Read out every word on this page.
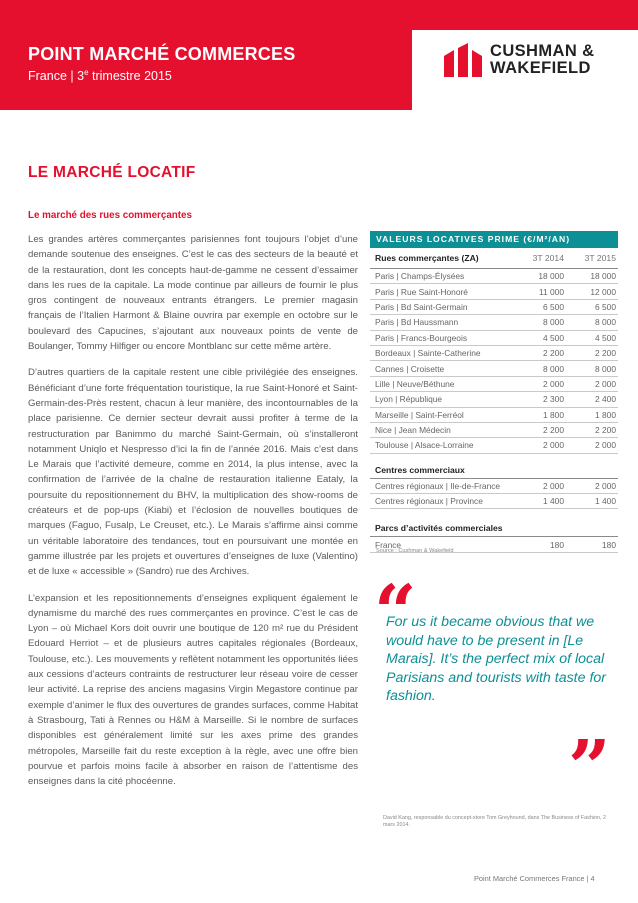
POINT MARCHÉ COMMERCES
France | 3e trimestre 2015
CUSHMAN &
WAKEFIELD
LE MARCHÉ LOCATIF
Le marché des rues commerçantes

Les grandes artères commerçantes parisiennes font toujours l’objet d’une demande soutenue des enseignes. C’est le cas des secteurs de la beauté et de la restauration, dont les concepts haut-de-gamme ne cessent d’essaimer dans les rues de la capitale. La mode continue par ailleurs de fournir le plus gros contingent de nouveaux entrants étrangers. Le premier magasin français de l’Italien Harmont & Blaine ouvrira par exemple en octobre sur le boulevard des Capucines, s’ajoutant aux nouveaux points de vente de Boulanger, Tommy Hilfiger ou encore Montblanc sur cette même artère.

D’autres quartiers de la capitale restent une cible privilégiée des enseignes. Bénéficiant d’une forte fréquentation touristique, la rue Saint-Honoré et Saint-Germain-des-Près restent, chacun à leur manière, des incontournables de la place parisienne. Ce dernier secteur devrait aussi profiter à terme de la restructuration par Banimmo du marché Saint-Germain, où s’installeront notamment Uniqlo et Nespresso d’ici la fin de l’année 2016. Mais c’est dans Le Marais que l’activité demeure, comme en 2014, la plus intense, avec la confirmation de l’arrivée de la chaîne de restauration italienne Eataly, la poursuite du repositionnement du BHV, la multiplication des show-rooms de créateurs et de pop-ups (Kiabi) et l’éclosion de nouvelles boutiques de marques (Faguo, Fusalp, Le Creuset, etc.). Le Marais s’affirme ainsi comme un véritable laboratoire des tendances, tout en poursuivant une montée en gamme illustrée par les projets et ouvertures d’enseignes de luxe (Valentino) et de luxe « accessible » (Sandro) rue des Archives.

L’expansion et les repositionnements d’enseignes expliquent également le dynamisme du marché des rues commerçantes en province. C’est le cas de Lyon – où Michael Kors doit ouvrir une boutique de 120 m² rue du Président Edouard Herriot – et de plusieurs autres capitales régionales (Bordeaux, Toulouse, etc.). Les mouvements y reflètent notamment les opportunités liées aux cessions d’acteurs contraints de restructurer leur réseau voire de cesser leur activité. La reprise des anciens magasins Virgin Megastore continue par exemple d’animer le flux des ouvertures de grandes surfaces, comme Habitat à Strasbourg, Tati à Rennes ou H&M à Marseille. Si le nombre de surfaces disponibles est généralement limité sur les axes prime des grandes métropoles, Marseille fait du reste exception à la règle, avec une offre bien pourvue et parfois moins facile à absorber en raison de l’attentisme des enseignes dans la cité phocéenne.

VALEURS LOCATIVES PRIME (€/M²/AN)
Rues commerçantes (ZA)	3T 2014	3T 2015
Paris | Champs-Élysées	18 000	18 000
Paris | Rue Saint-Honoré	11 000	12 000
Paris | Bd Saint-Germain	6 500	6 500
Paris | Bd Haussmann	8 000	8 000
Paris | Francs-Bourgeois	4 500	4 500
Bordeaux | Sainte-Catherine	2 200	2 200
Cannes | Croisette	8 000	8 000
Lille | Neuve/Béthune	2 000	2 000
Lyon | République	2 300	2 400
Marseille | Saint-Ferréol	1 800	1 800
Nice | Jean Médecin	2 200	2 200
Toulouse | Alsace-Lorraine	2 000	2 000
Centres commerciaux
Centres régionaux | Ile-de-France	2 000	2 000
Centres régionaux | Province	1 400	1 400
Parcs d’activités commerciales
France	180	180
Source : Cushman & Wakefield
“
For us it became obvious that we would have to be present in [Le Marais]. It’s the perfect mix of local Parisians and tourists with taste for fashion.
”
David Kang, responsable du concept-store Tom Greyhound, dans The Business of Fashion, 2 mars 2014.
Point Marché Commerces France | 4
